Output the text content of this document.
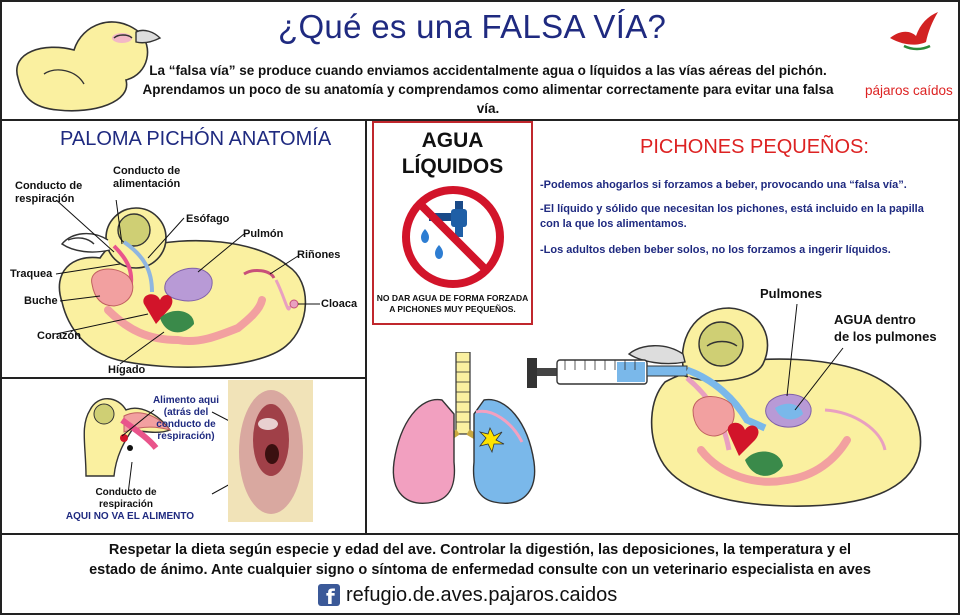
¿Qué es una FALSA VÍA?
La “falsa vía” se produce cuando enviamos accidentalmente agua o líquidos a las vías aéreas del pichón.
Aprendamos un poco de su anatomía y comprendamos como alimentar correctamente para evitar una falsa vía.
pájaros caídos
PALOMA PICHÓN ANATOMÍA
Conducto de
respiración
Conducto de
alimentación
Esófago
Pulmón
Riñones
Traquea
Buche	Cloaca
Corazón
Hígado
Alimento aqui
(atrás del
conducto de
respiración)
Conducto de
respiración
AQUI NO VA EL ALIMENTO
AGUA
LÍQUIDOS
NO DAR AGUA DE FORMA FORZADA
A PICHONES MUY PEQUEÑOS.
PICHONES PEQUEÑOS:
-Podemos ahogarlos si forzamos a beber, provocando una “falsa vía”.
-El líquido y sólido que necesitan los pichones, está incluido en la papilla con la que los alimentamos.
-Los adultos deben beber solos, no los forzamos a ingerir líquidos.
Pulmones
AGUA dentro
de los pulmones
Respetar la dieta según especie y edad del ave. Controlar la digestión, las deposiciones, la temperatura y el
estado de ánimo. Ante cualquier signo o síntoma de enfermedad consulte con un veterinario especialista en aves
f refugio.de.aves.pajaros.caidos
